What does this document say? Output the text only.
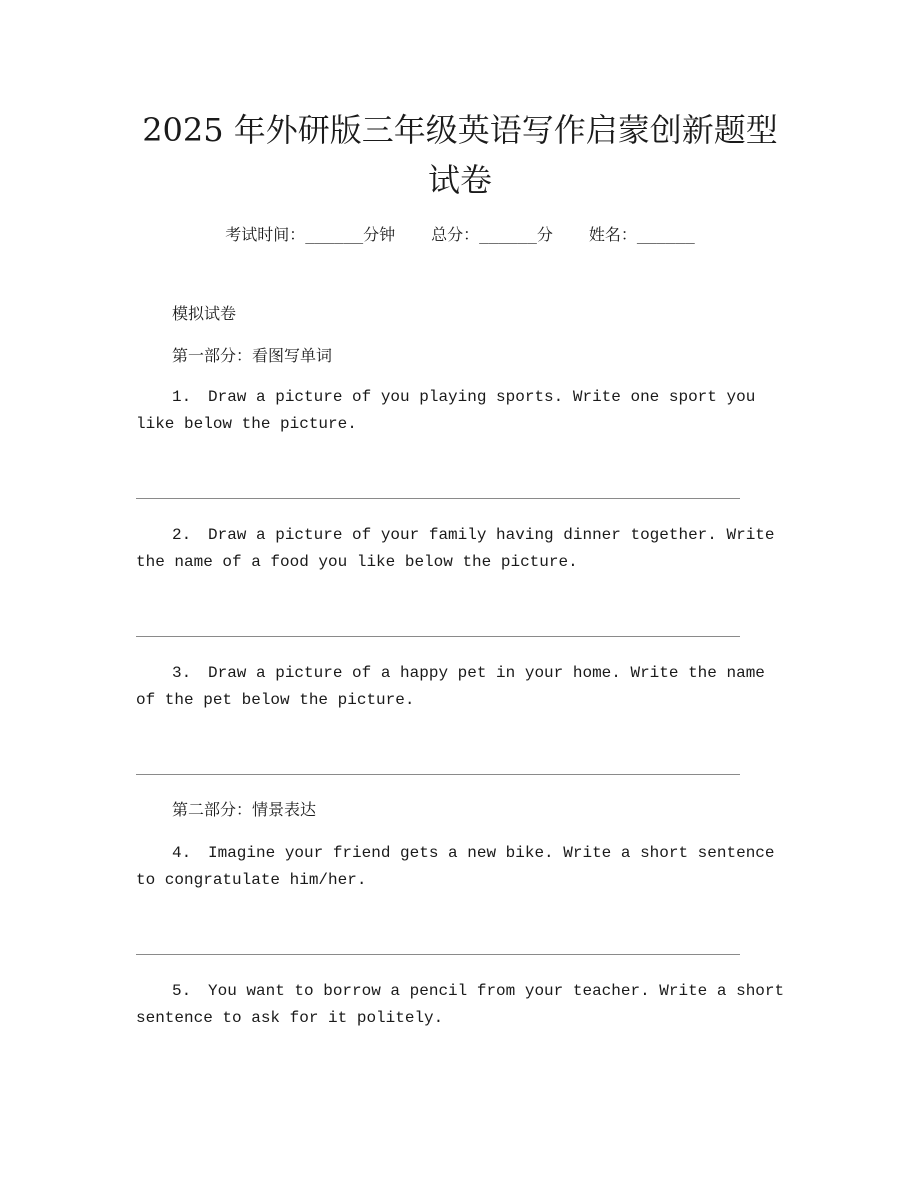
2025 年外研版三年级英语写作启蒙创新题型
试卷
考试时间：______分钟 总分：______分 姓名：______
模拟试卷
第一部分：看图写单词
1. Draw a picture of you playing sports. Write one sport you like below the picture.
2. Draw a picture of your family having dinner together. Write the name of a food you like below the picture.
3. Draw a picture of a happy pet in your home. Write the name of the pet below the picture.
第二部分：情景表达
4. Imagine your friend gets a new bike. Write a short sentence to congratulate him/her.
5. You want to borrow a pencil from your teacher. Write a short sentence to ask for it politely.
